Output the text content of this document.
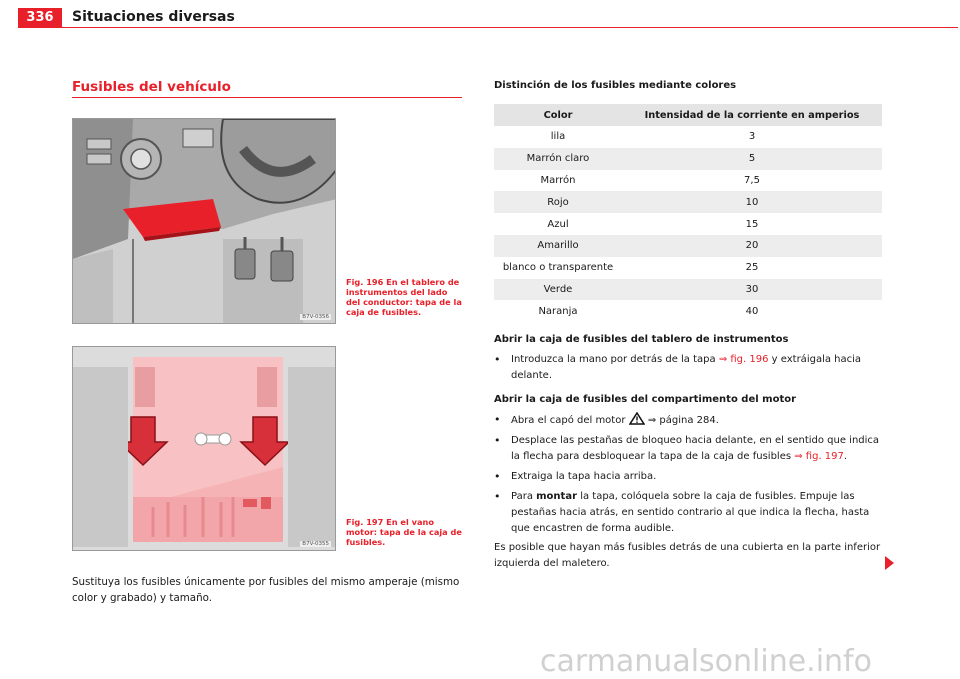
336	Situaciones diversas
Fusibles del vehículo
B7V-0356
Fig. 196 En el tablero de instrumentos del lado del conductor: tapa de la caja de fusibles.
B7V-0355
Fig. 197 En el vano motor: tapa de la caja de fusibles.
Sustituya los fusibles únicamente por fusibles del mismo amperaje (mismo color y grabado) y tamaño.
Distinción de los fusibles mediante colores
Color	Intensidad de la corriente en amperios
lila	3
Marrón claro	5
Marrón	7,5
Rojo	10
Azul	15
Amarillo	20
blanco o transparente	25
Verde	30
Naranja	40
Abrir la caja de fusibles del tablero de instrumentos
• Introduzca la mano por detrás de la tapa ⇒ fig. 196 y extráigala hacia delante.
Abrir la caja de fusibles del compartimento del motor
• Abra el capó del motor  ⇒ página 284.
• Desplace las pestañas de bloqueo hacia delante, en el sentido que indica la flecha para desbloquear la tapa de la caja de fusibles ⇒ fig. 197.
• Extraiga la tapa hacia arriba.
• Para montar la tapa, colóquela sobre la caja de fusibles. Empuje las pestañas hacia atrás, en sentido contrario al que indica la flecha, hasta que encastren de forma audible.
Es posible que hayan más fusibles detrás de una cubierta en la parte inferior izquierda del maletero.
carmanualsonline.info
